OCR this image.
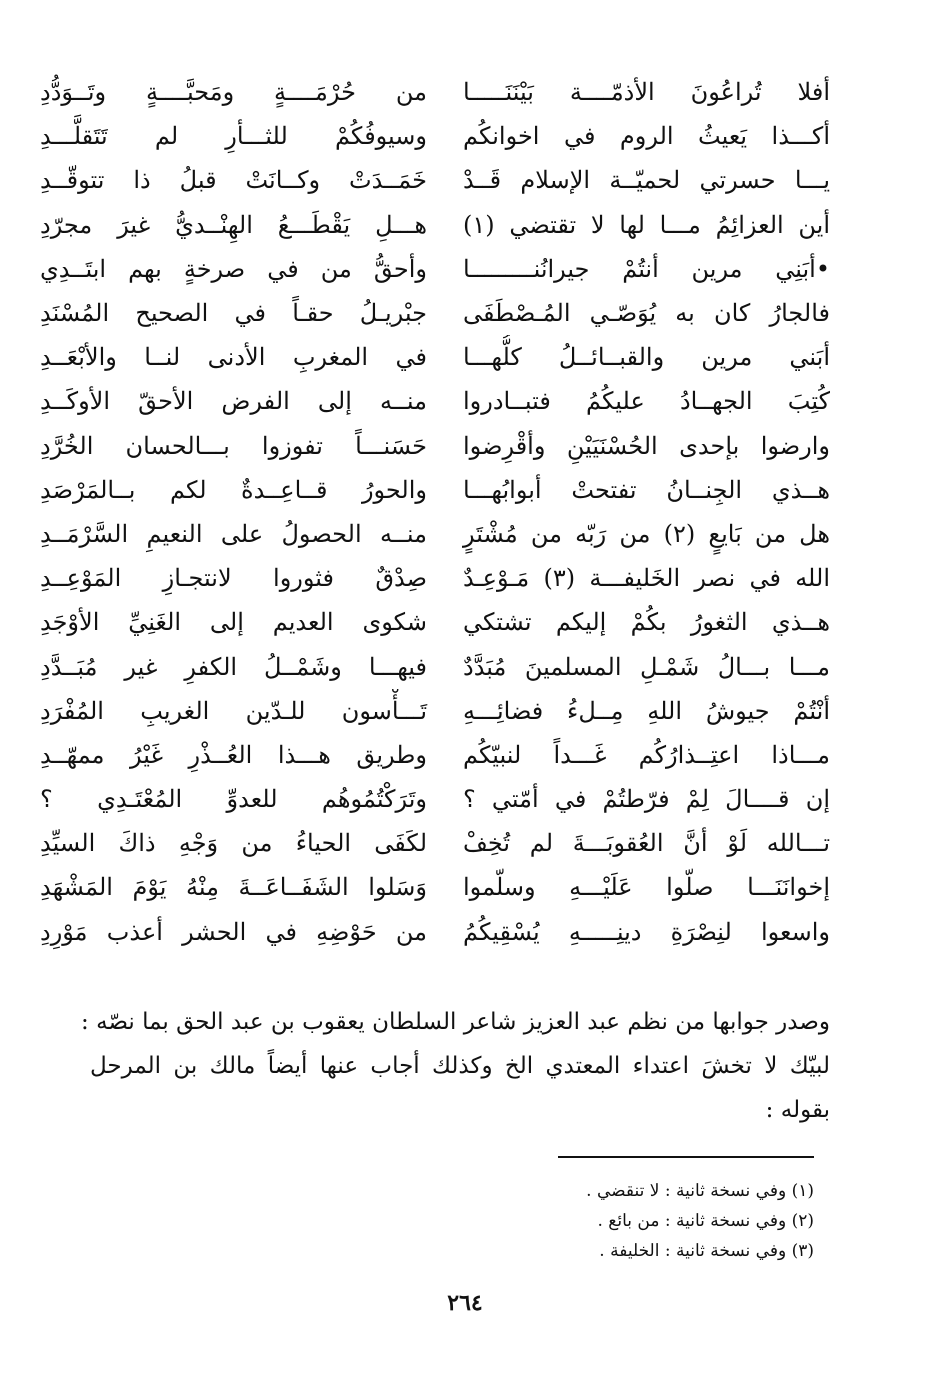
أفلا تُراعُونَ الأذمّــــة بَيْنَنَـــــا
من حُرْمَــــةٍ ومَحبَّــــةٍ وتَــوَدُّدِ
أكـــذا يَعيثُ الروم في اخوانكُم
وسيوفُكُمْ للثـــأرِ لم تَتَقلَّـــدِ
يـــا حسرتي لحميّــة الإسلام قَــدْ
خَمَــدَتْ وكــانَتْ قبلُ ذا تتوقّــدِ
أين العزائِمُ مـــا لها لا تقتضي (١)
هـــلِ يَقْطَـــعُ الهِنْــديُّ غيرَ مجرّدِ
•أبَنِي مرين أنتُمْ جيرانُنـــــــــا
وأحقُّ من في صرخةٍ بهم ابتَــدِي
فالجارُ كان به يُوَصّـي المُـصْطَفَى
جبْريـلُ حقـاً في الصحيح المُسْنَدِ
أبَني مرين والقبــائــلُ كلُّهـــا
في المغربِ الأدنى لنــا والأبْعَــدِ
كُتِبَ الجهــادُ عليكُمُ فتبــادروا
منــه إلى الفرض الأحقّ الأوكَــدِ
وارضوا بإحدى الحُسْنَيَيْنِ وأقْرِضوا
حَسَنـــاً تفوزوا بـــالحسان الخُرَّدِ
هــذي الجِنــانُ تفتحتْ أبوابُهـــا
والحورُ قــاعِــدةٌ لكم بــالمَرْصَدِ
هل من بَايعٍ (٢) من رَبّه من مُشْتَرٍ
منــه الحصولُ على النعيمِ السَّرْمَــدِ
الله في نصر الخَليفـــة (٣) مَـوْعِـدٌ
صِدْقٌ فثوروا لانتجـازِ المَوْعِــدِ
هــذي الثغورُ بكُمْ إليكم تشتكي
شكوى العديم إلى الغَنِيِّ الأوْجَدِ
مـــا بـــالُ شَمْـلِ المسلمينَ مُبَدَّدٌ
فيهـــا وشَمْــلُ الكفرِ غير مُبَــدَّدِ
أنْتُمْ جيوشُ اللهِ مِــلءُ فضائِـــهِ
تَـــأْسون للـدّين الغريبِ المُفْرَدِ
مـــاذا اعتِــذارُكُم غَـــداً لنبيّكُم
وطريق هـــذا العُــذْرِ غَيْرُ ممهّــدِ
إن قــــالَ لِمْ فرّطتُمْ في أمّتي ؟
وتَرَكْتُمُوهُم للعدوِّ المُعْتَـدِي ؟
تـــالله لَوْ أنَّ العُقوبَـــةَ لم تُخِفْ
لكَفَى الحياءُ من وَجْهِ ذاكَ السيِّدِ
إخوانَنَـــا صلّوا عَلَيْـــهِ وسلّموا
وَسَلوا الشَفَــاعَــةَ مِنْهُ يَوْمَ المَشْهَدِ
واسعوا لنِصْرَةِ دينِـــــهِ يُسْقِيكُمُ
من حَوْضِهِ في الحشر أعذب مَوْرِدِ
وصدر جوابها من نظم عبد العزيز شاعر السلطان يعقوب بن عبد الحق بما نصّه :
لبيّك لا تخشَ اعتداء المعتدي الخ وكذلك أجاب عنها أيضاً مالك بن المرحل
بقوله :
(١) وفي نسخة ثانية : لا تنقضي .
(٢) وفي نسخة ثانية : من بائع .
(٣) وفي نسخة ثانية : الخليفة .
٢٦٤
